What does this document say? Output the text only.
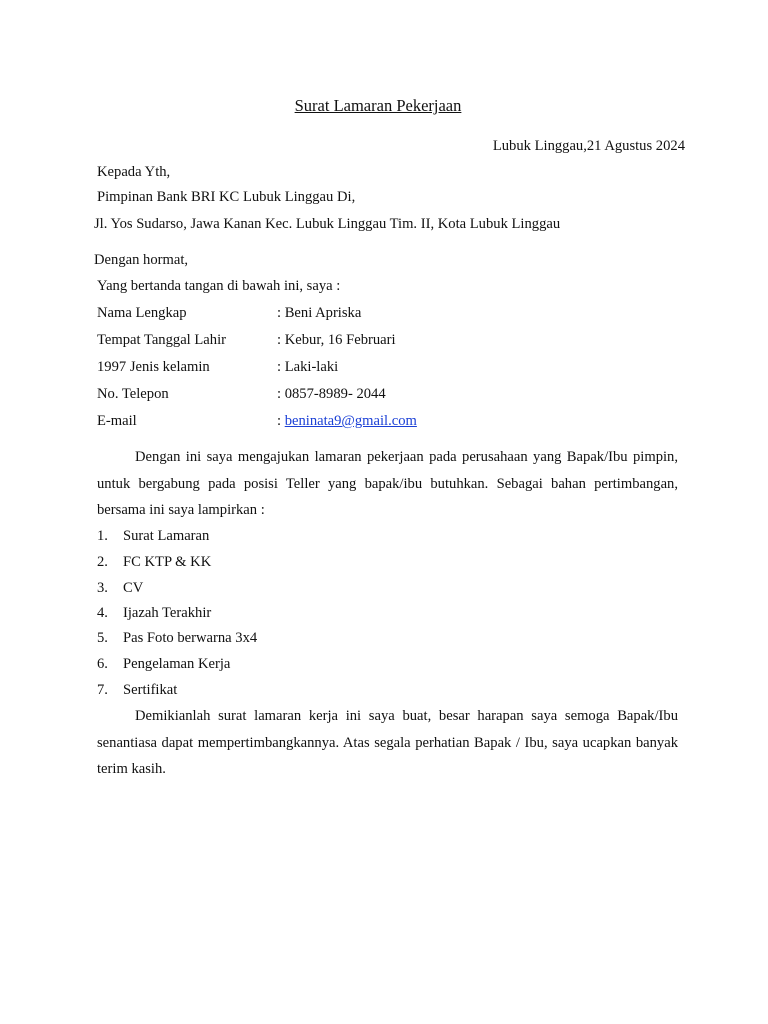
Surat Lamaran Pekerjaan
Lubuk Linggau,21 Agustus 2024
Kepada Yth,
Pimpinan Bank BRI KC Lubuk Linggau Di,
Jl. Yos Sudarso, Jawa Kanan Kec. Lubuk Linggau Tim. II, Kota Lubuk Linggau
Dengan hormat,
Yang bertanda tangan di bawah ini, saya :
Nama Lengkap	: Beni Apriska
Tempat Tanggal Lahir	: Kebur, 16 Februari
1997 Jenis kelamin	: Laki-laki
No. Telepon	: 0857-8989- 2044
E-mail	: beninata9@gmail.com
Dengan ini saya mengajukan lamaran pekerjaan pada perusahaan yang Bapak/Ibu pimpin, untuk bergabung pada posisi Teller yang bapak/ibu butuhkan. Sebagai bahan pertimbangan, bersama ini saya lampirkan :
1. Surat Lamaran
2. FC KTP & KK
3. CV
4. Ijazah Terakhir
5. Pas Foto berwarna 3x4
6. Pengelaman Kerja
7. Sertifikat
Demikianlah surat lamaran kerja ini saya buat, besar harapan saya semoga Bapak/Ibu senantiasa dapat mempertimbangkannya. Atas segala perhatian Bapak / Ibu, saya ucapkan banyak terim kasih.
